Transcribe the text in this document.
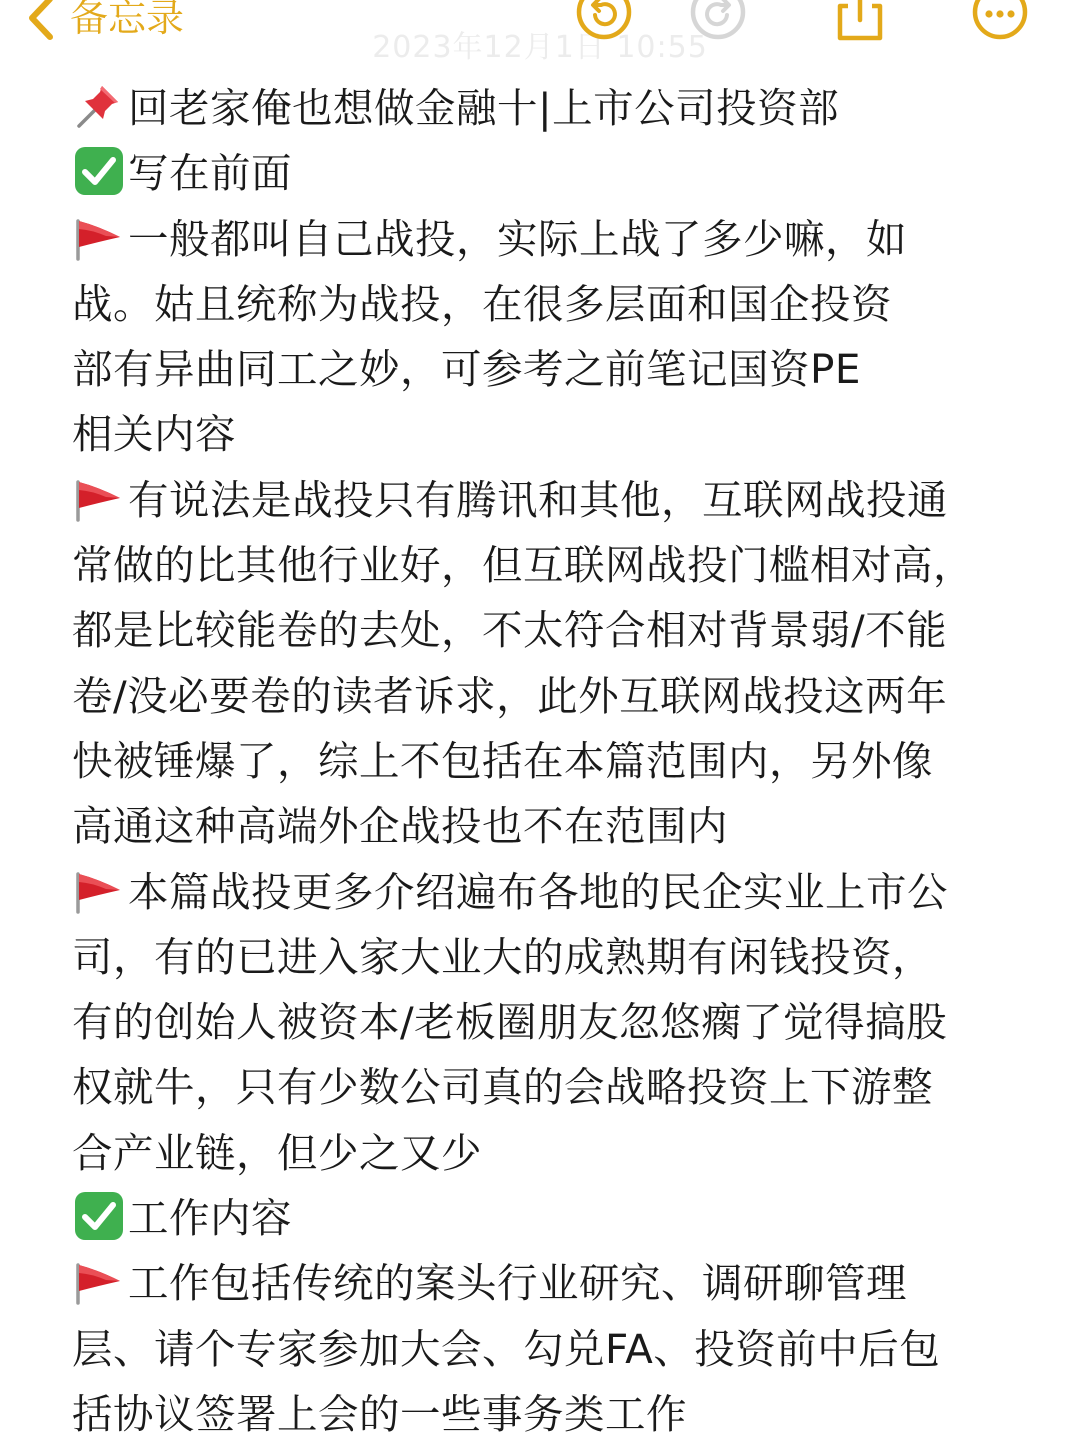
备忘录
2023年12月1日 10:55
回老家俺也想做金融十|上市公司投资部
写在前面
一般都叫自己战投，实际上战了多少嘛，如
战。姑且统称为战投，在很多层面和国企投资
部有异曲同工之妙，可参考之前笔记国资PE
相关内容
有说法是战投只有腾讯和其他，互联网战投通
常做的比其他行业好，但互联网战投门槛相对高，
都是比较能卷的去处，不太符合相对背景弱/不能
卷/没必要卷的读者诉求，此外互联网战投这两年
快被锤爆了，综上不包括在本篇范围内，另外像
高通这种高端外企战投也不在范围内
本篇战投更多介绍遍布各地的民企实业上市公
司，有的已进入家大业大的成熟期有闲钱投资，
有的创始人被资本/老板圈朋友忽悠瘸了觉得搞股
权就牛，只有少数公司真的会战略投资上下游整
合产业链，但少之又少
工作内容
工作包括传统的案头行业研究、调研聊管理
层、请个专家参加大会、勾兑FA、投资前中后包
括协议签署上会的一些事务类工作
